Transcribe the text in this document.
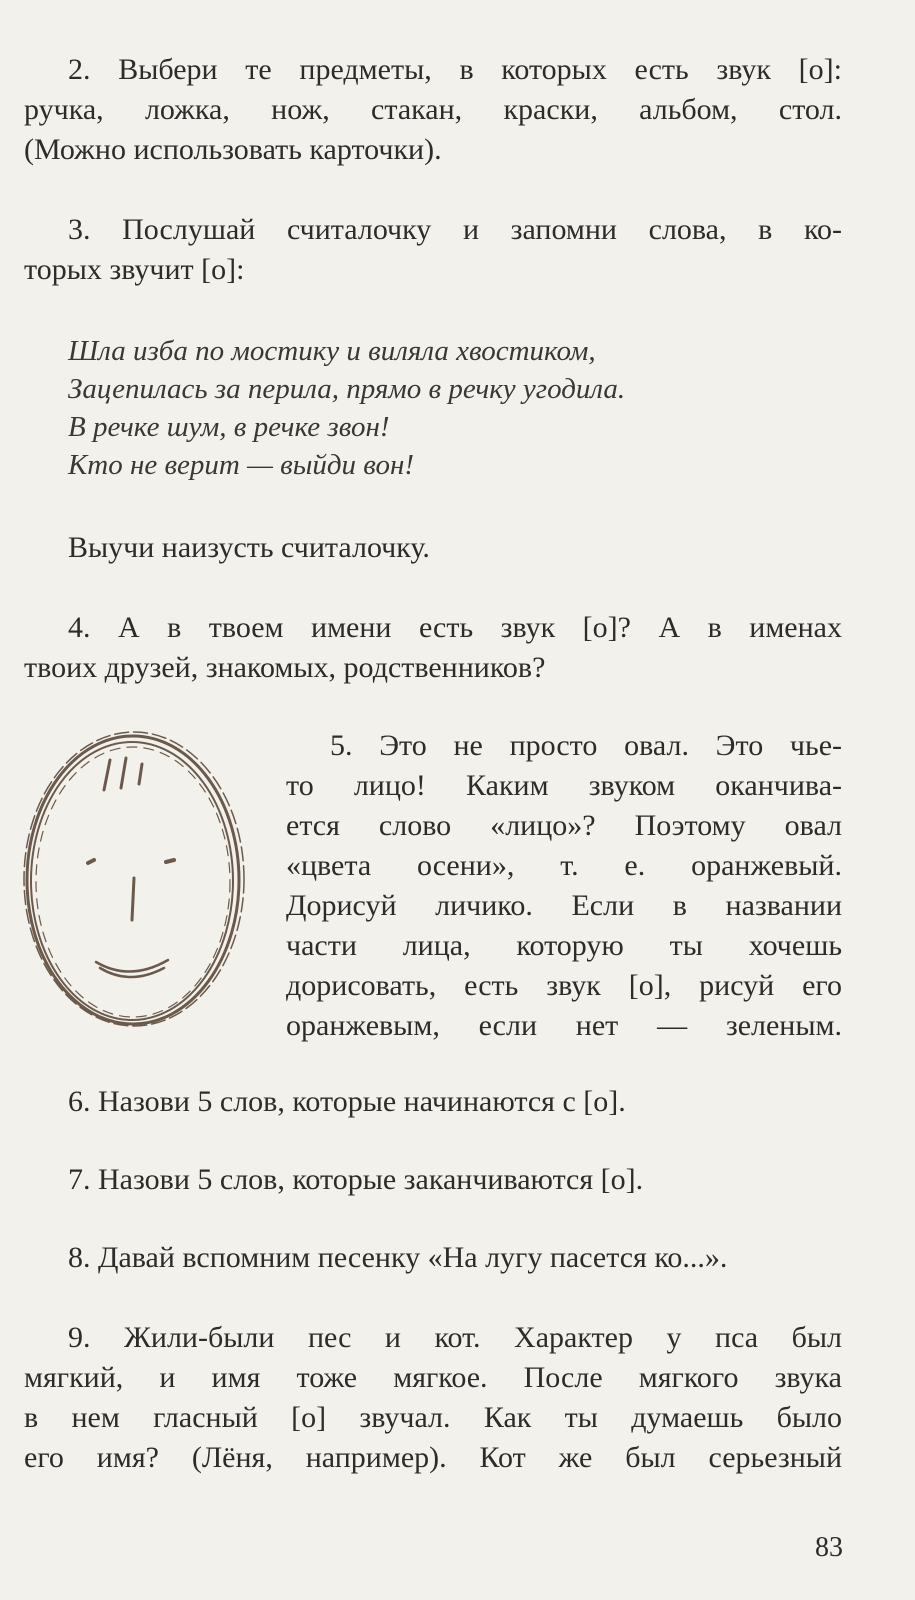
2. Выбери те предметы, в которых есть звук [о]:
ручка, ложка, нож, стакан, краски, альбом, стол.
(Можно использовать карточки).
3. Послушай считалочку и запомни слова, в ко-
торых звучит [о]:
Шла изба по мостику и виляла хвостиком,
Зацепилась за перила, прямо в речку угодила.
В речке шум, в речке звон!
Кто не верит — выйди вон!
Выучи наизусть считалочку.
4. А в твоем имени есть звук [о]? А в именах
твоих друзей, знакомых, родственников?
5. Это не просто овал. Это чье-
то лицо! Каким звуком оканчива-
ется слово «лицо»? Поэтому овал
«цвета осени», т. е. оранжевый.
Дорисуй личико. Если в названии
части лица, которую ты хочешь
дорисовать, есть звук [о], рисуй его
оранжевым, если нет — зеленым.
6. Назови 5 слов, которые начинаются с [о].
7. Назови 5 слов, которые заканчиваются [о].
8. Давай вспомним песенку «На лугу пасется ко...».
9. Жили-были пес и кот. Характер у пса был
мягкий, и имя тоже мягкое. После мягкого звука
в нем гласный [о] звучал. Как ты думаешь было
его имя? (Лёня, например). Кот же был серьезный
83
